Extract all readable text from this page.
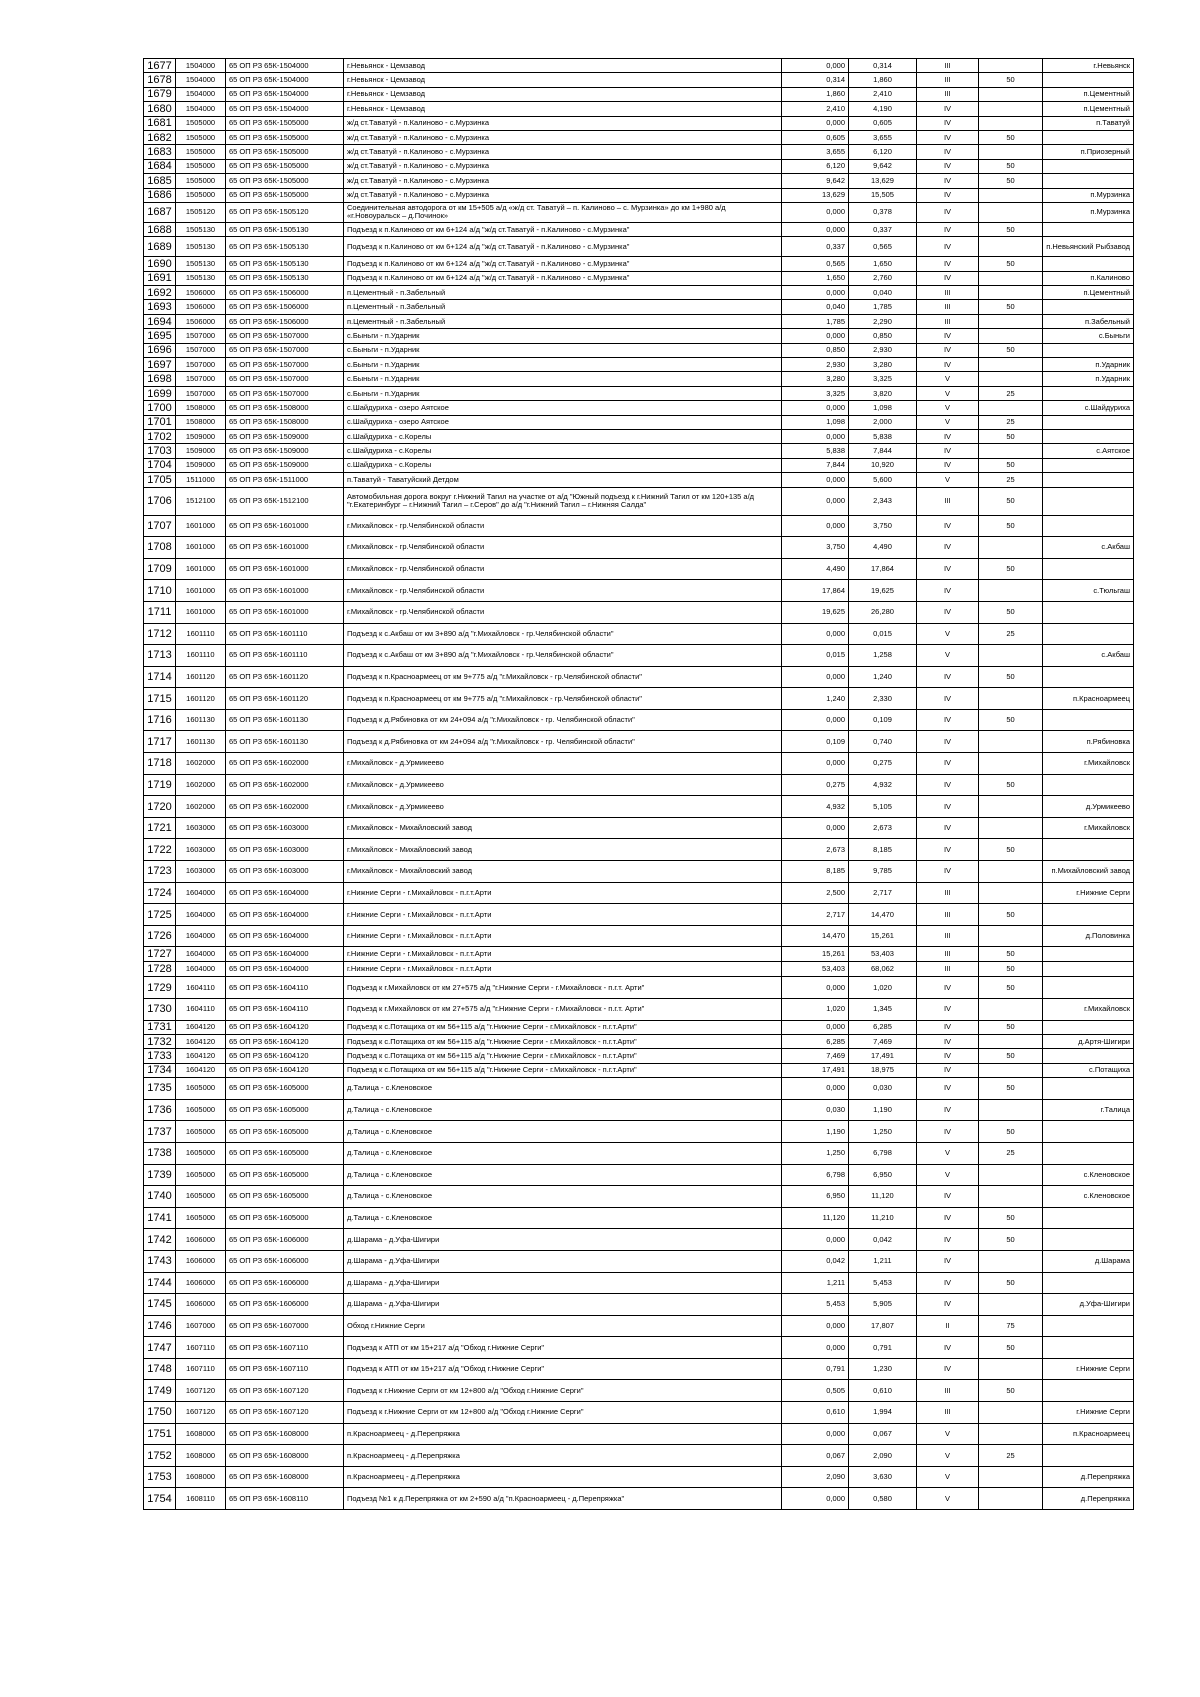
1677	1504000	65 ОП РЗ 65К-1504000	г.Невьянск - Цемзавод	0,000	0,314	III		г.Невьянск
1678	1504000	65 ОП РЗ 65К-1504000	г.Невьянск - Цемзавод	0,314	1,860	III	50	
1679	1504000	65 ОП РЗ 65К-1504000	г.Невьянск - Цемзавод	1,860	2,410	III		п.Цементный
1680	1504000	65 ОП РЗ 65К-1504000	г.Невьянск - Цемзавод	2,410	4,190	IV		п.Цементный
1681	1505000	65 ОП РЗ 65К-1505000	ж/д ст.Таватуй - п.Калиново - с.Мурзинка	0,000	0,605	IV		п.Таватуй
1682	1505000	65 ОП РЗ 65К-1505000	ж/д ст.Таватуй - п.Калиново - с.Мурзинка	0,605	3,655	IV	50	
1683	1505000	65 ОП РЗ 65К-1505000	ж/д ст.Таватуй - п.Калиново - с.Мурзинка	3,655	6,120	IV		п.Приозерный
1684	1505000	65 ОП РЗ 65К-1505000	ж/д ст.Таватуй - п.Калиново - с.Мурзинка	6,120	9,642	IV	50	
1685	1505000	65 ОП РЗ 65К-1505000	ж/д ст.Таватуй - п.Калиново - с.Мурзинка	9,642	13,629	IV	50	
1686	1505000	65 ОП РЗ 65К-1505000	ж/д ст.Таватуй - п.Калиново - с.Мурзинка	13,629	15,505	IV		п.Мурзинка
1687	1505120	65 ОП РЗ 65К-1505120	Соединительная автодорога от км 15+505 а/д «ж/д ст. Таватуй – п. Калиново – с. Мурзинка» до км 1+980 а/д «г.Новоуральск – д.Починок»	0,000	0,378	IV		п.Мурзинка
1688	1505130	65 ОП РЗ 65К-1505130	Подъезд к п.Калиново от км 6+124 а/д "ж/д ст.Таватуй - п.Калиново - с.Мурзинка"	0,000	0,337	IV	50	
1689	1505130	65 ОП РЗ 65К-1505130	Подъезд к п.Калиново от км 6+124 а/д "ж/д ст.Таватуй - п.Калиново - с.Мурзинка"	0,337	0,565	IV		п.Невьянский Рыбзавод
1690	1505130	65 ОП РЗ 65К-1505130	Подъезд к п.Калиново от км 6+124 а/д "ж/д ст.Таватуй - п.Калиново - с.Мурзинка"	0,565	1,650	IV	50	
1691	1505130	65 ОП РЗ 65К-1505130	Подъезд к п.Калиново от км 6+124 а/д "ж/д ст.Таватуй - п.Калиново - с.Мурзинка"	1,650	2,760	IV		п.Калиново
1692	1506000	65 ОП РЗ 65К-1506000	п.Цементный - п.Забельный	0,000	0,040	III		п.Цементный
1693	1506000	65 ОП РЗ 65К-1506000	п.Цементный - п.Забельный	0,040	1,785	III	50	
1694	1506000	65 ОП РЗ 65К-1506000	п.Цементный - п.Забельный	1,785	2,290	III		п.Забельный
1695	1507000	65 ОП РЗ 65К-1507000	с.Быньги - п.Ударник	0,000	0,850	IV		с.Быньги
1696	1507000	65 ОП РЗ 65К-1507000	с.Быньги - п.Ударник	0,850	2,930	IV	50	
1697	1507000	65 ОП РЗ 65К-1507000	с.Быньги - п.Ударник	2,930	3,280	IV		п.Ударник
1698	1507000	65 ОП РЗ 65К-1507000	с.Быньги - п.Ударник	3,280	3,325	V		п.Ударник
1699	1507000	65 ОП РЗ 65К-1507000	с.Быньги - п.Ударник	3,325	3,820	V	25	
1700	1508000	65 ОП РЗ 65К-1508000	с.Шайдуриха - озеро Аятское	0,000	1,098	V		с.Шайдуриха
1701	1508000	65 ОП РЗ 65К-1508000	с.Шайдуриха - озеро Аятское	1,098	2,000	V	25	
1702	1509000	65 ОП РЗ 65К-1509000	с.Шайдуриха - с.Корелы	0,000	5,838	IV	50	
1703	1509000	65 ОП РЗ 65К-1509000	с.Шайдуриха - с.Корелы	5,838	7,844	IV		с.Аятское
1704	1509000	65 ОП РЗ 65К-1509000	с.Шайдуриха - с.Корелы	7,844	10,920	IV	50	
1705	1511000	65 ОП РЗ 65К-1511000	п.Таватуй - Таватуйский Детдом	0,000	5,600	V	25	
1706	1512100	65 ОП РЗ 65К-1512100	Автомобильная дорога вокруг г.Нижний Тагил на участке от а/д "Южный подъезд к г.Нижний Тагил от км 120+135 а/д "г.Екатеринбург – г.Нижний Тагил – г.Серов" до а/д "г.Нижний Тагил – г.Нижняя Салда"	0,000	2,343	III	50	
1707	1601000	65 ОП РЗ 65К-1601000	г.Михайловск - гр.Челябинской области	0,000	3,750	IV	50	
1708	1601000	65 ОП РЗ 65К-1601000	г.Михайловск - гр.Челябинской области	3,750	4,490	IV		с.Акбаш
1709	1601000	65 ОП РЗ 65К-1601000	г.Михайловск - гр.Челябинской области	4,490	17,864	IV	50	
1710	1601000	65 ОП РЗ 65К-1601000	г.Михайловск - гр.Челябинской области	17,864	19,625	IV		с.Тюльгаш
1711	1601000	65 ОП РЗ 65К-1601000	г.Михайловск - гр.Челябинской области	19,625	26,280	IV	50	
1712	1601110	65 ОП РЗ 65К-1601110	Подъезд к с.Акбаш от км 3+890 а/д "г.Михайловск - гр.Челябинской области"	0,000	0,015	V	25	
1713	1601110	65 ОП РЗ 65К-1601110	Подъезд к с.Акбаш от км 3+890 а/д "г.Михайловск - гр.Челябинской области"	0,015	1,258	V		с.Акбаш
1714	1601120	65 ОП РЗ 65К-1601120	Подъезд к п.Красноармеец от км 9+775 а/д "г.Михайловск - гр.Челябинской области"	0,000	1,240	IV	50	
1715	1601120	65 ОП РЗ 65К-1601120	Подъезд к п.Красноармеец от км 9+775 а/д "г.Михайловск - гр.Челябинской области"	1,240	2,330	IV		п.Красноармеец
1716	1601130	65 ОП РЗ 65К-1601130	Подъезд к д.Рябиновка от км 24+094 а/д "г.Михайловск - гр. Челябинской области"	0,000	0,109	IV	50	
1717	1601130	65 ОП РЗ 65К-1601130	Подъезд к д.Рябиновка от км 24+094 а/д "г.Михайловск - гр. Челябинской области"	0,109	0,740	IV		п.Рябиновка
1718	1602000	65 ОП РЗ 65К-1602000	г.Михайловск - д.Урмикеево	0,000	0,275	IV		г.Михайловск
1719	1602000	65 ОП РЗ 65К-1602000	г.Михайловск - д.Урмикеево	0,275	4,932	IV	50	
1720	1602000	65 ОП РЗ 65К-1602000	г.Михайловск - д.Урмикеево	4,932	5,105	IV		д.Урмикеево
1721	1603000	65 ОП РЗ 65К-1603000	г.Михайловск - Михайловский завод	0,000	2,673	IV		г.Михайловск
1722	1603000	65 ОП РЗ 65К-1603000	г.Михайловск - Михайловский завод	2,673	8,185	IV	50	
1723	1603000	65 ОП РЗ 65К-1603000	г.Михайловск - Михайловский завод	8,185	9,785	IV		п.Михайловский завод
1724	1604000	65 ОП РЗ 65К-1604000	г.Нижние Серги - г.Михайловск - п.г.т.Арти	2,500	2,717	III		г.Нижние Серги
1725	1604000	65 ОП РЗ 65К-1604000	г.Нижние Серги - г.Михайловск - п.г.т.Арти	2,717	14,470	III	50	
1726	1604000	65 ОП РЗ 65К-1604000	г.Нижние Серги - г.Михайловск - п.г.т.Арти	14,470	15,261	III		д.Половинка
1727	1604000	65 ОП РЗ 65К-1604000	г.Нижние Серги - г.Михайловск - п.г.т.Арти	15,261	53,403	III	50	
1728	1604000	65 ОП РЗ 65К-1604000	г.Нижние Серги - г.Михайловск - п.г.т.Арти	53,403	68,062	III	50	
1729	1604110	65 ОП РЗ 65К-1604110	Подъезд к г.Михайловск от км 27+575 а/д "г.Нижние Серги - г.Михайловск - п.г.т. Арти"	0,000	1,020	IV	50	
1730	1604110	65 ОП РЗ 65К-1604110	Подъезд к г.Михайловск от км 27+575 а/д "г.Нижние Серги - г.Михайловск - п.г.т. Арти"	1,020	1,345	IV		г.Михайловск
1731	1604120	65 ОП РЗ 65К-1604120	Подъезд к с.Потащиха от км 56+115 а/д "г.Нижние Серги - г.Михайловск - п.г.т.Арти"	0,000	6,285	IV	50	
1732	1604120	65 ОП РЗ 65К-1604120	Подъезд к с.Потащиха от км 56+115 а/д "г.Нижние Серги - г.Михайловск - п.г.т.Арти"	6,285	7,469	IV		д.Артя-Шигири
1733	1604120	65 ОП РЗ 65К-1604120	Подъезд к с.Потащиха от км 56+115 а/д "г.Нижние Серги - г.Михайловск - п.г.т.Арти"	7,469	17,491	IV	50	
1734	1604120	65 ОП РЗ 65К-1604120	Подъезд к с.Потащиха от км 56+115 а/д "г.Нижние Серги - г.Михайловск - п.г.т.Арти"	17,491	18,975	IV		с.Потащиха
1735	1605000	65 ОП РЗ 65К-1605000	д.Талица - с.Кленовское	0,000	0,030	IV	50	
1736	1605000	65 ОП РЗ 65К-1605000	д.Талица - с.Кленовское	0,030	1,190	IV		г.Талица
1737	1605000	65 ОП РЗ 65К-1605000	д.Талица - с.Кленовское	1,190	1,250	IV	50	
1738	1605000	65 ОП РЗ 65К-1605000	д.Талица - с.Кленовское	1,250	6,798	V	25	
1739	1605000	65 ОП РЗ 65К-1605000	д.Талица - с.Кленовское	6,798	6,950	V		с.Кленовское
1740	1605000	65 ОП РЗ 65К-1605000	д.Талица - с.Кленовское	6,950	11,120	IV		с.Кленовское
1741	1605000	65 ОП РЗ 65К-1605000	д.Талица - с.Кленовское	11,120	11,210	IV	50	
1742	1606000	65 ОП РЗ 65К-1606000	д.Шарама - д.Уфа-Шигири	0,000	0,042	IV	50	
1743	1606000	65 ОП РЗ 65К-1606000	д.Шарама - д.Уфа-Шигири	0,042	1,211	IV		д.Шарама
1744	1606000	65 ОП РЗ 65К-1606000	д.Шарама - д.Уфа-Шигири	1,211	5,453	IV	50	
1745	1606000	65 ОП РЗ 65К-1606000	д.Шарама - д.Уфа-Шигири	5,453	5,905	IV		д.Уфа-Шигири
1746	1607000	65 ОП РЗ 65К-1607000	Обход г.Нижние Серги	0,000	17,807	II	75	
1747	1607110	65 ОП РЗ 65К-1607110	Подъезд к АТП от км 15+217 а/д "Обход г.Нижние Серги"	0,000	0,791	IV	50	
1748	1607110	65 ОП РЗ 65К-1607110	Подъезд к АТП от км 15+217 а/д "Обход г.Нижние Серги"	0,791	1,230	IV		г.Нижние Серги
1749	1607120	65 ОП РЗ 65К-1607120	Подъезд к г.Нижние Серги от км 12+800 а/д "Обход г.Нижние Серги"	0,505	0,610	III	50	
1750	1607120	65 ОП РЗ 65К-1607120	Подъезд к г.Нижние Серги от км 12+800 а/д "Обход г.Нижние Серги"	0,610	1,994	III		г.Нижние Серги
1751	1608000	65 ОП РЗ 65К-1608000	п.Красноармеец - д.Перепряжка	0,000	0,067	V		п.Красноармеец
1752	1608000	65 ОП РЗ 65К-1608000	п.Красноармеец - д.Перепряжка	0,067	2,090	V	25	
1753	1608000	65 ОП РЗ 65К-1608000	п.Красноармеец - д.Перепряжка	2,090	3,630	V		д.Перепряжка
1754	1608110	65 ОП РЗ 65К-1608110	Подъезд №1 к д.Перепряжка от км 2+590 а/д "п.Красноармеец - д.Перепряжка"	0,000	0,580	V		д.Перепряжка
